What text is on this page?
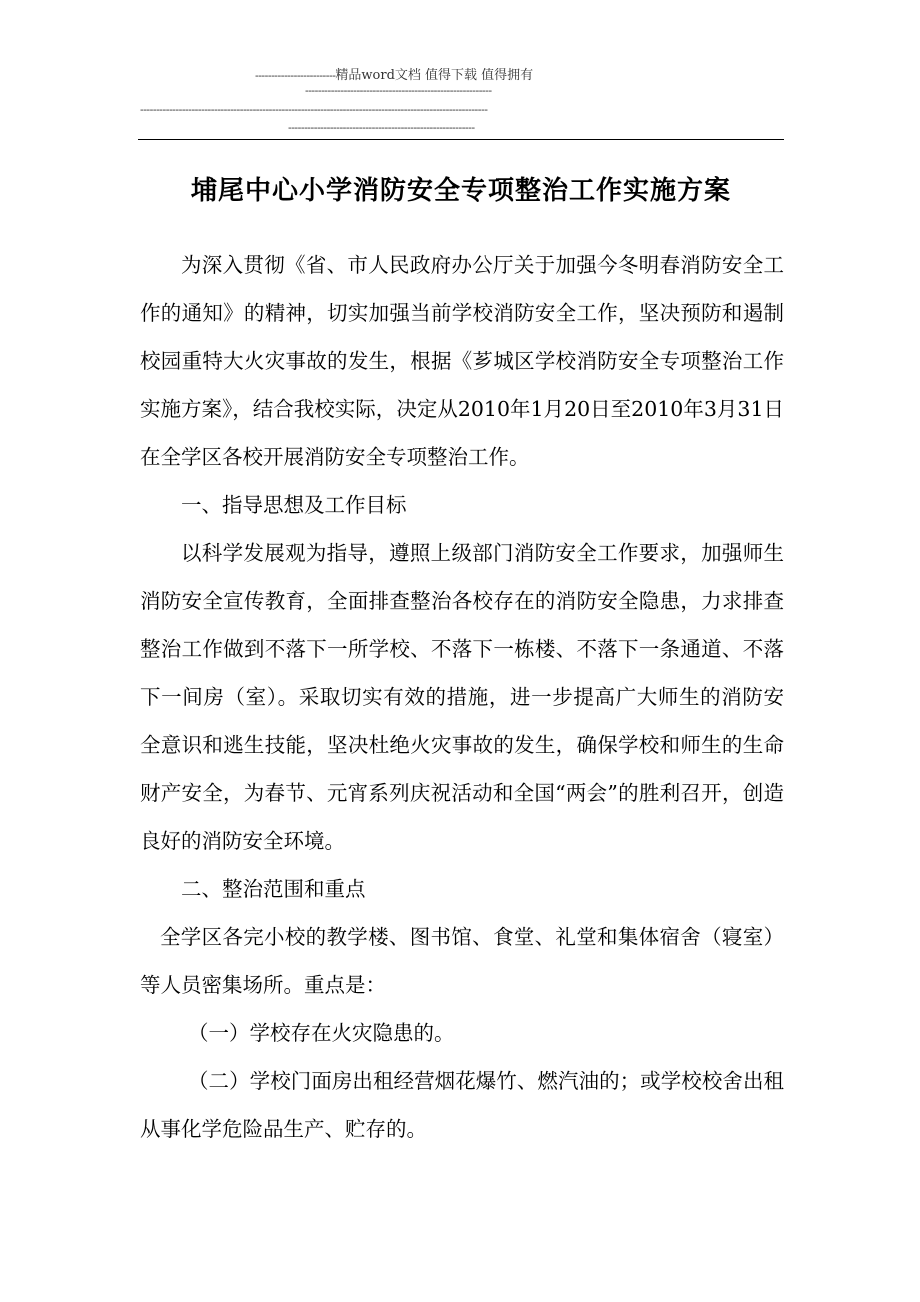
-------------------------精品word文档 值得下载 值得拥有
----------------------------------------------------------
------------------------------------------------------------------------------------------------------------
----------------------------------------------------------
埔尾中心小学消防安全专项整治工作实施方案

为深入贯彻《省、市人民政府办公厅关于加强今冬明春消防安全工作的通知》的精神，切实加强当前学校消防安全工作，坚决预防和遏制校园重特大火灾事故的发生，根据《芗城区学校消防安全专项整治工作实施方案》，结合我校实际，决定从2010年1月20日至2010年3月31日在全学区各校开展消防安全专项整治工作。

一、指导思想及工作目标

以科学发展观为指导，遵照上级部门消防安全工作要求，加强师生消防安全宣传教育，全面排查整治各校存在的消防安全隐患，力求排查整治工作做到不落下一所学校、不落下一栋楼、不落下一条通道、不落下一间房（室）。采取切实有效的措施，进一步提高广大师生的消防安全意识和逃生技能，坚决杜绝火灾事故的发生，确保学校和师生的生命财产安全，为春节、元宵系列庆祝活动和全国“两会”的胜利召开，创造良好的消防安全环境。

二、整治范围和重点

全学区各完小校的教学楼、图书馆、食堂、礼堂和集体宿舍（寝室）等人员密集场所。重点是：

（一）学校存在火灾隐患的。

（二）学校门面房出租经营烟花爆竹、燃汽油的；或学校校舍出租从事化学危险品生产、贮存的。
